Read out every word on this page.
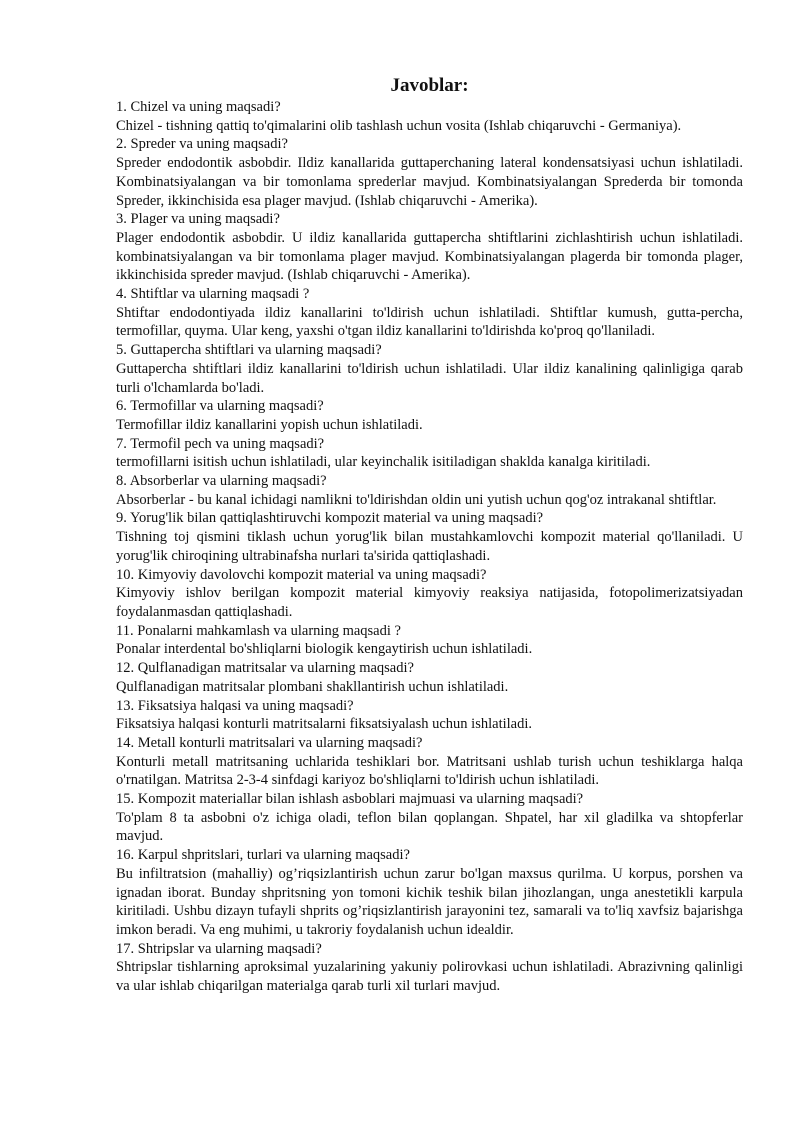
Javoblar:
1. Chizel va uning maqsadi?
Chizel - tishning qattiq to'qimalarini olib tashlash uchun vosita (Ishlab chiqaruvchi - Germaniya).
2. Spreder va uning maqsadi?
Spreder endodontik asbobdir. Ildiz kanallarida guttaperchaning lateral kondensatsiyasi uchun ishlatiladi. Kombinatsiyalangan va bir tomonlama sprederlar mavjud. Kombinatsiyalangan Sprederda bir tomonda Spreder, ikkinchisida esa plager mavjud. (Ishlab chiqaruvchi - Amerika).
3. Plager va uning maqsadi?
Plager endodontik asbobdir. U ildiz kanallarida guttapercha shtiftlarini zichlashtirish uchun ishlatiladi. kombinatsiyalangan va bir tomonlama plager mavjud. Kombinatsiyalangan plagerda bir tomonda plager, ikkinchisida spreder mavjud. (Ishlab chiqaruvchi - Amerika).
4. Shtiftlar va ularning maqsadi ?
Shtiftar endodontiyada ildiz kanallarini to'ldirish uchun ishlatiladi. Shtiftlar kumush, gutta-percha, termofillar, quyma. Ular keng, yaxshi o'tgan ildiz kanallarini to'ldirishda ko'proq qo'llaniladi.
5. Guttapercha shtiftlari va ularning maqsadi?
Guttapercha shtiftlari ildiz kanallarini to'ldirish uchun ishlatiladi. Ular ildiz kanalining qalinligiga qarab turli o'lchamlarda bo'ladi.
6. Termofillar va ularning maqsadi?
Termofillar ildiz kanallarini yopish uchun ishlatiladi.
7. Termofil pech va uning maqsadi?
termofillarni isitish uchun ishlatiladi, ular keyinchalik isitiladigan shaklda kanalga kiritiladi.
8. Absorberlar va ularning maqsadi?
Absorberlar - bu kanal ichidagi namlikni to'ldirishdan oldin uni yutish uchun qog'oz intrakanal shtiftlar.
9. Yorug'lik bilan qattiqlashtiruvchi kompozit material va uning maqsadi?
Tishning toj qismini tiklash uchun yorug'lik bilan mustahkamlovchi kompozit material qo'llaniladi. U yorug'lik chiroqining ultrabinafsha nurlari ta'sirida qattiqlashadi.
10. Kimyoviy davolovchi kompozit material va uning maqsadi?
Kimyoviy ishlov berilgan kompozit material kimyoviy reaksiya natijasida, fotopolimerizatsiyadan foydalanmasdan qattiqlashadi.
11. Ponalarni mahkamlash va ularning maqsadi ?
Ponalar interdental bo'shliqlarni biologik kengaytirish uchun ishlatiladi.
12. Qulflanadigan matritsalar va ularning maqsadi?
Qulflanadigan matritsalar plombani shakllantirish uchun ishlatiladi.
13. Fiksatsiya halqasi va uning maqsadi?
Fiksatsiya halqasi konturli matritsalarni fiksatsiyalash uchun ishlatiladi.
14. Metall konturli matritsalari va ularning maqsadi?
Konturli metall matritsaning uchlarida teshiklari bor. Matritsani ushlab turish uchun teshiklarga halqa o'rnatilgan. Matritsa 2-3-4 sinfdagi kariyoz bo'shliqlarni to'ldirish uchun ishlatiladi.
15. Kompozit materiallar bilan ishlash asboblari majmuasi va ularning maqsadi?
To'plam 8 ta asbobni o'z ichiga oladi, teflon bilan qoplangan. Shpatel, har xil gladilka va shtopferlar mavjud.
16. Karpul shpritslari, turlari va ularning maqsadi?
Bu infiltratsion (mahalliy) og’riqsizlantirish uchun zarur bo'lgan maxsus qurilma. U korpus, porshen va ignadan iborat. Bunday shpritsning yon tomoni kichik teshik bilan jihozlangan, unga anestetikli karpula kiritiladi. Ushbu dizayn tufayli shprits og’riqsizlantirish jarayonini tez, samarali va to'liq xavfsiz bajarishga imkon beradi. Va eng muhimi, u takroriy foydalanish uchun idealdir.
17. Shtripslar va ularning maqsadi?
Shtripslar tishlarning aproksimal yuzalarining yakuniy polirovkasi uchun ishlatiladi. Abrazivning qalinligi va ular ishlab chiqarilgan materialga qarab turli xil turlari mavjud.
